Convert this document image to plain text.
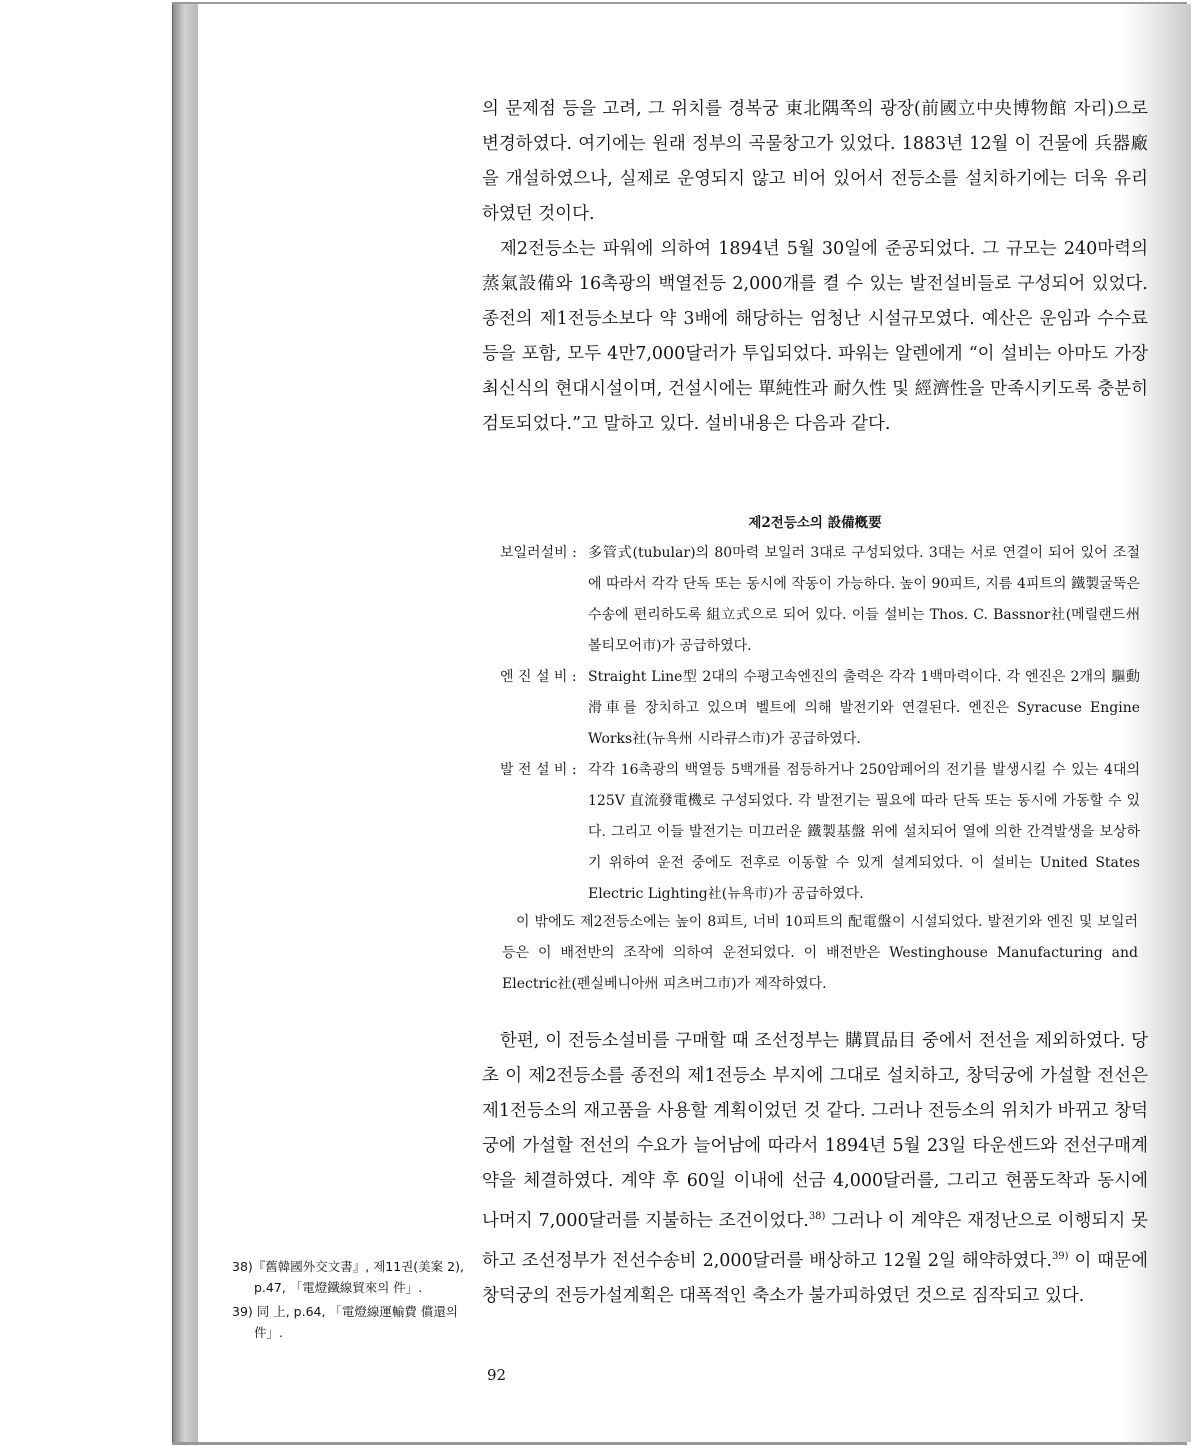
의 문제점 등을 고려, 그 위치를 경복궁 東北隅쪽의 광장(前國立中央博物館 자리)으로 변경하였다. 여기에는 원래 정부의 곡물창고가 있었다. 1883년 12월 이 건물에 兵器廠을 개설하였으나, 실제로 운영되지 않고 비어 있어서 전등소를 설치하기에는 더욱 유리하였던 것이다.

제2전등소는 파워에 의하여 1894년 5월 30일에 준공되었다. 그 규모는 240마력의 蒸氣設備와 16촉광의 백열전등 2,000개를 켤 수 있는 발전설비들로 구성되어 있었다. 종전의 제1전등소보다 약 3배에 해당하는 엄청난 시설규모였다. 예산은 운임과 수수료 등을 포함, 모두 4만7,000달러가 투입되었다. 파워는 알렌에게 “이 설비는 아마도 가장 최신식의 현대시설이며, 건설시에는 單純性과 耐久性 및 經濟性을 만족시키도록 충분히 검토되었다.”고 말하고 있다. 설비내용은 다음과 같다.

제2전등소의 設備槪要
보일러설비 : 多管式(tubular)의 80마력 보일러 3대로 구성되었다. 3대는 서로 연결이 되어 있어 조절에 따라서 각각 단독 또는 동시에 작동이 가능하다. 높이 90피트, 지름 4피트의 鐵製굴뚝은 수송에 편리하도록 組立式으로 되어 있다. 이들 설비는 Thos. C. Bassnor社(메릴랜드州 볼티모어市)가 공급하였다.
엔 진 설 비 : Straight Line型 2대의 수평고속엔진의 출력은 각각 1백마력이다. 각 엔진은 2개의 驅動滑車를 장치하고 있으며 벨트에 의해 발전기와 연결된다. 엔진은 Syracuse Engine Works社(뉴욕州 시라큐스市)가 공급하였다.
발 전 설 비 : 각각 16촉광의 백열등 5백개를 점등하거나 250암페어의 전기를 발생시킬 수 있는 4대의 125V 直流發電機로 구성되었다. 각 발전기는 필요에 따라 단독 또는 동시에 가동할 수 있다. 그리고 이들 발전기는 미끄러운 鐵製基盤 위에 설치되어 열에 의한 간격발생을 보상하기 위하여 운전 중에도 전후로 이동할 수 있게 설계되었다. 이 설비는 United States Electric Lighting社(뉴욕市)가 공급하였다.
이 밖에도 제2전등소에는 높이 8피트, 너비 10피트의 配電盤이 시설되었다. 발전기와 엔진 및 보일러 등은 이 배전반의 조작에 의하여 운전되었다. 이 배전반은 Westinghouse Manufacturing and Electric社(펜실베니아州 피츠버그市)가 제작하였다.

한편, 이 전등소설비를 구매할 때 조선정부는 購買品目 중에서 전선을 제외하였다. 당초 이 제2전등소를 종전의 제1전등소 부지에 그대로 설치하고, 창덕궁에 가설할 전선은 제1전등소의 재고품을 사용할 계획이었던 것 같다. 그러나 전등소의 위치가 바뀌고 창덕궁에 가설할 전선의 수요가 늘어남에 따라서 1894년 5월 23일 타운센드와 전선구매계약을 체결하였다. 계약 후 60일 이내에 선금 4,000달러를, 그리고 현품도착과 동시에 나머지 7,000달러를 지불하는 조건이었다.$^{38)}$ 그러나 이 계약은 재정난으로 이행되지 못하고 조선정부가 전선수송비 2,000달러를 배상하고 12월 2일 해약하였다.$^{39)}$ 이 때문에 창덕궁의 전등가설계획은 대폭적인 축소가 불가피하였던 것으로 짐작되고 있다.

38)『舊韓國外交文書』, 제11권(美案 2), p.47, 「電燈鐵線貿來의 件」.

39) 同 上, p.64, 「電燈線運輸費 償還의 件」.

92
